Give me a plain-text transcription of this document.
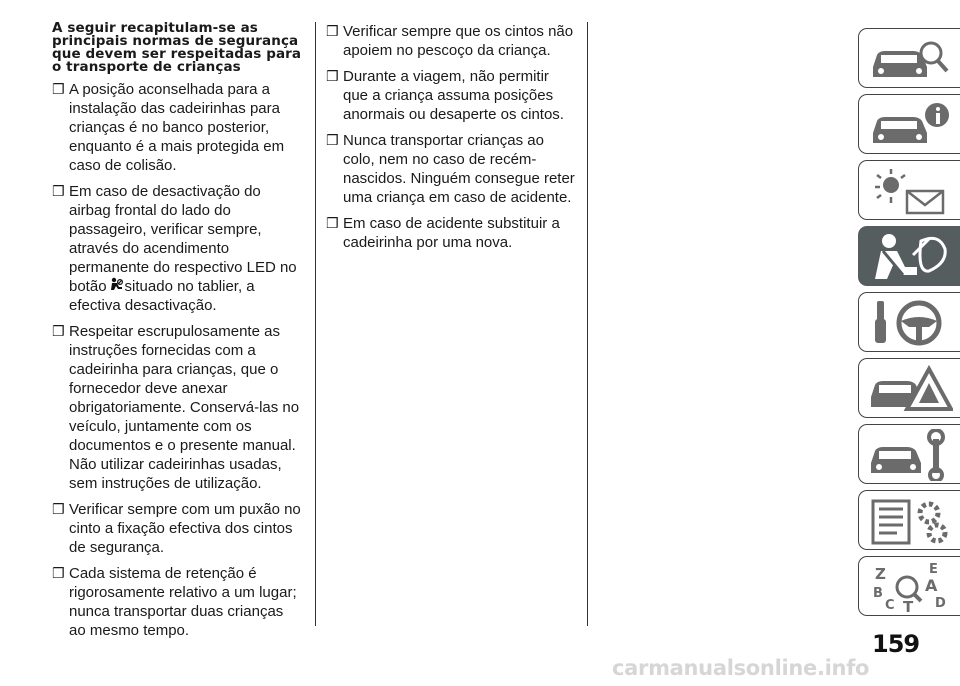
A seguir recapitulam-se as principais normas de segurança que devem ser respeitadas para o transporte de crianças
❒ A posição aconselhada para a instalação das cadeirinhas para crianças é no banco posterior, enquanto é a mais protegida em caso de colisão.
❒ Em caso de desactivação do airbag frontal do lado do passageiro, verificar sempre, através do acendimento permanente do respectivo LED no botão situado no tablier, a efectiva desactivação.
❒ Respeitar escrupulosamente as instruções fornecidas com a cadeirinha para crianças, que o fornecedor deve anexar obrigatoriamente. Conservá-las no veículo, juntamente com os documentos e o presente manual. Não utilizar cadeirinhas usadas, sem instruções de utilização.
❒ Verificar sempre com um puxão no cinto a fixação efectiva dos cintos de segurança.
❒ Cada sistema de retenção é rigorosamente relativo a um lugar; nunca transportar duas crianças ao mesmo tempo.
❒ Verificar sempre que os cintos não apoiem no pescoço da criança.
❒ Durante a viagem, não permitir que a criança assuma posições anormais ou desaperte os cintos.
❒ Nunca transportar crianças ao colo, nem no caso de recém-nascidos. Ninguém consegue reter uma criança em caso de acidente.
❒ Em caso de acidente substituir a cadeirinha por uma nova.
Z	E
A
B
D
C T
159
carmanualsonline.info
